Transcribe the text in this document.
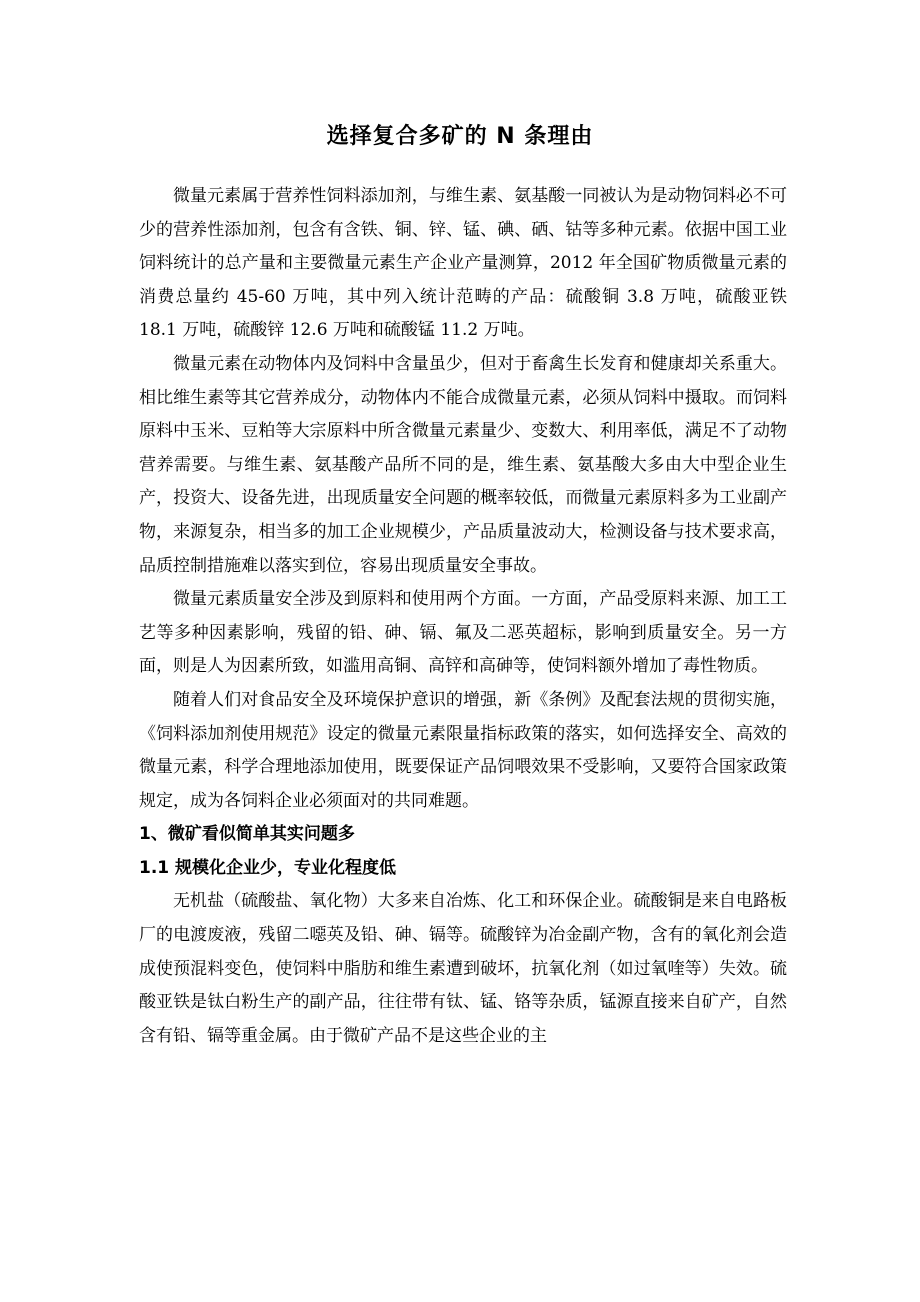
选择复合多矿的 N 条理由

微量元素属于营养性饲料添加剂，与维生素、氨基酸一同被认为是动物饲料必不可少的营养性添加剂，包含有含铁、铜、锌、锰、碘、硒、钴等多种元素。依据中国工业饲料统计的总产量和主要微量元素生产企业产量测算，2012 年全国矿物质微量元素的消费总量约 45-60 万吨，其中列入统计范畴的产品：硫酸铜 3.8 万吨，硫酸亚铁 18.1 万吨，硫酸锌 12.6 万吨和硫酸锰 11.2 万吨。

微量元素在动物体内及饲料中含量虽少，但对于畜禽生长发育和健康却关系重大。相比维生素等其它营养成分，动物体内不能合成微量元素，必须从饲料中摄取。而饲料原料中玉米、豆粕等大宗原料中所含微量元素量少、变数大、利用率低，满足不了动物营养需要。与维生素、氨基酸产品所不同的是，维生素、氨基酸大多由大中型企业生产，投资大、设备先进，出现质量安全问题的概率较低，而微量元素原料多为工业副产物，来源复杂，相当多的加工企业规模少，产品质量波动大，检测设备与技术要求高，品质控制措施难以落实到位，容易出现质量安全事故。

微量元素质量安全涉及到原料和使用两个方面。一方面，产品受原料来源、加工工艺等多种因素影响，残留的铅、砷、镉、氟及二恶英超标，影响到质量安全。另一方面，则是人为因素所致，如滥用高铜、高锌和高砷等，使饲料额外增加了毒性物质。

随着人们对食品安全及环境保护意识的增强，新《条例》及配套法规的贯彻实施，《饲料添加剂使用规范》设定的微量元素限量指标政策的落实，如何选择安全、高效的微量元素，科学合理地添加使用，既要保证产品饲喂效果不受影响，又要符合国家政策规定，成为各饲料企业必须面对的共同难题。

1、微矿看似简单其实问题多

1.1 规模化企业少，专业化程度低

无机盐（硫酸盐、氧化物）大多来自冶炼、化工和环保企业。硫酸铜是来自电路板厂的电渡废液，残留二噁英及铅、砷、镉等。硫酸锌为冶金副产物，含有的氧化剂会造成使预混料变色，使饲料中脂肪和维生素遭到破坏，抗氧化剂（如过氧喹等）失效。硫酸亚铁是钛白粉生产的副产品，往往带有钛、锰、铬等杂质，锰源直接来自矿产，自然含有铅、镉等重金属。由于微矿产品不是这些企业的主
